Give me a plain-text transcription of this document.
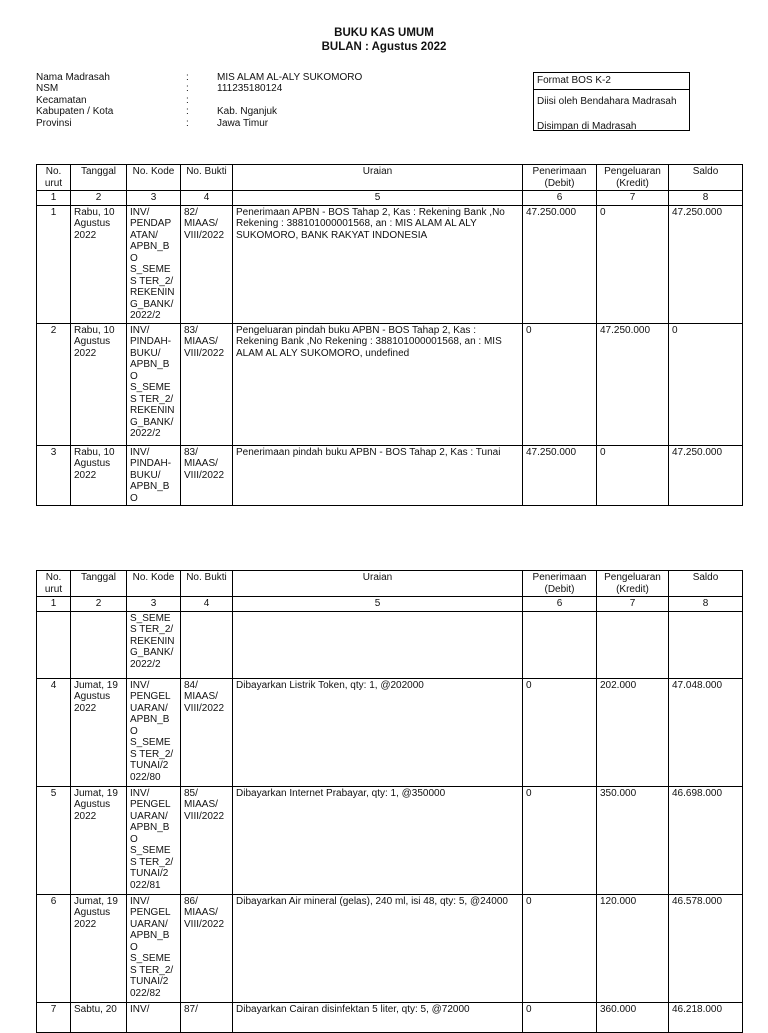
BUKU KAS UMUM
BULAN : Agustus 2022
Nama Madrasah	:	MIS ALAM AL-ALY SUKOMORO
NSM	:	111235180124
Kecamatan	:
Kabupaten / Kota	:	Kab. Nganjuk
Provinsi	:	Jawa Timur
Format BOS K-2
Diisi oleh Bendahara Madrasah
Disimpan di Madrasah
No. urut	Tanggal	No. Kode	No. Bukti	Uraian	Penerimaan (Debit)	Pengeluaran (Kredit)	Saldo
1	2	3	4	5	6	7	8
1	Rabu, 10 Agustus 2022	INV/ PENDAP ATAN/ APBN_BO S_SEMES TER_2/ REKENIN G_BANK/ 2022/2	82/ MIAAS/ VIII/2022	Penerimaan APBN - BOS Tahap 2, Kas : Rekening Bank ,No Rekening : 388101000001568, an : MIS ALAM AL ALY SUKOMORO, BANK RAKYAT INDONESIA	47.250.000	0	47.250.000
2	Rabu, 10 Agustus 2022	INV/ PINDAH- BUKU/ APBN_BO S_SEMES TER_2/ REKENIN G_BANK/ 2022/2	83/ MIAAS/ VIII/2022	Pengeluaran pindah buku APBN - BOS Tahap 2, Kas : Rekening Bank ,No Rekening : 388101000001568, an : MIS ALAM AL ALY SUKOMORO, undefined	0	47.250.000	0
3	Rabu, 10 Agustus 2022	INV/ PINDAH- BUKU/ APBN_BO	83/ MIAAS/ VIII/2022	Penerimaan pindah buku APBN - BOS Tahap 2, Kas : Tunai	47.250.000	0	47.250.000
No. urut	Tanggal	No. Kode	No. Bukti	Uraian	Penerimaan (Debit)	Pengeluaran (Kredit)	Saldo
1	2	3	4	5	6	7	8
		S_SEMES TER_2/ REKENIN G_BANK/ 2022/2					
4	Jumat, 19 Agustus 2022	INV/ PENGEL UARAN/ APBN_BO S_SEMES TER_2/ TUNAI/2 022/80	84/ MIAAS/ VIII/2022	Dibayarkan Listrik Token, qty: 1, @202000	0	202.000	47.048.000
5	Jumat, 19 Agustus 2022	INV/ PENGEL UARAN/ APBN_BO S_SEMES TER_2/ TUNAI/2 022/81	85/ MIAAS/ VIII/2022	Dibayarkan Internet Prabayar, qty: 1, @350000	0	350.000	46.698.000
6	Jumat, 19 Agustus 2022	INV/ PENGEL UARAN/ APBN_BO S_SEMES TER_2/ TUNAI/2 022/82	86/ MIAAS/ VIII/2022	Dibayarkan Air mineral (gelas), 240 ml, isi 48, qty: 5, @24000	0	120.000	46.578.000
7	Sabtu, 20	INV/	87/	Dibayarkan Cairan disinfektan 5 liter, qty: 5, @72000	0	360.000	46.218.000
